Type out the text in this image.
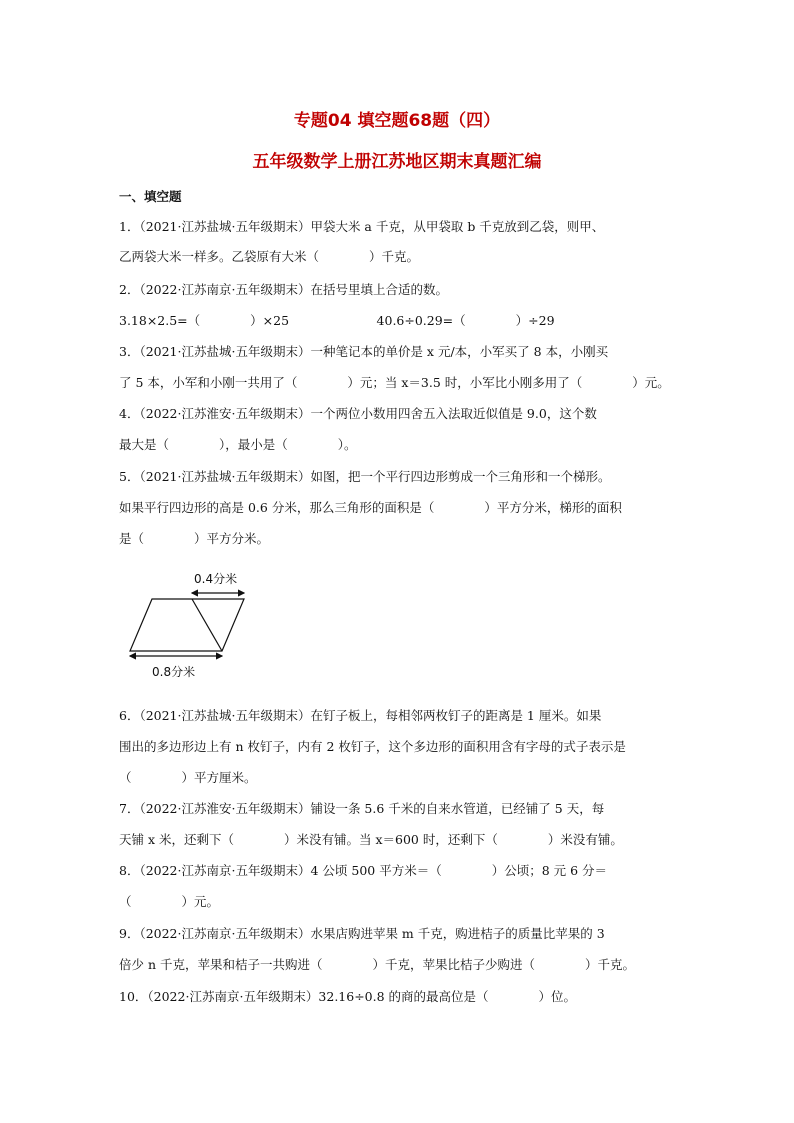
专题04 填空题68题（四）
五年级数学上册江苏地区期末真题汇编
一、填空题
1．（2021·江苏盐城·五年级期末）甲袋大米 a 千克，从甲袋取 b 千克放到乙袋，则甲、
乙两袋大米一样多。乙袋原有大米（　　　　）千克。
2．（2022·江苏南京·五年级期末）在括号里填上合适的数。
3.18×2.5=（　　　　）×25　　　　　　　40.6÷0.29=（　　　　）÷29
3．（2021·江苏盐城·五年级期末）一种笔记本的单价是 x 元/本，小军买了 8 本，小刚买
了 5 本，小军和小刚一共用了（　　　　）元；当 x＝3.5 时，小军比小刚多用了（　　　　）元。
4．（2022·江苏淮安·五年级期末）一个两位小数用四舍五入法取近似值是 9.0，这个数
最大是（　　　　），最小是（　　　　）。
5．（2021·江苏盐城·五年级期末）如图，把一个平行四边形剪成一个三角形和一个梯形。
如果平行四边形的高是 0.6 分米，那么三角形的面积是（　　　　）平方分米，梯形的面积
是（　　　　）平方分米。
0.4分米
0.8分米
6．（2021·江苏盐城·五年级期末）在钉子板上，每相邻两枚钉子的距离是 1 厘米。如果
围出的多边形边上有 n 枚钉子，内有 2 枚钉子，这个多边形的面积用含有字母的式子表示是
（　　　　）平方厘米。
7．（2022·江苏淮安·五年级期末）铺设一条 5.6 千米的自来水管道，已经铺了 5 天，每
天铺 x 米，还剩下（　　　　）米没有铺。当 x＝600 时，还剩下（　　　　）米没有铺。
8．（2022·江苏南京·五年级期末）4 公顷 500 平方米＝（　　　　）公顷；8 元 6 分＝
（　　　　）元。
9．（2022·江苏南京·五年级期末）水果店购进苹果 m 千克，购进桔子的质量比苹果的 3
倍少 n 千克，苹果和桔子一共购进（　　　　）千克，苹果比桔子少购进（　　　　）千克。
10．（2022·江苏南京·五年级期末）32.16÷0.8 的商的最高位是（　　　　）位。
